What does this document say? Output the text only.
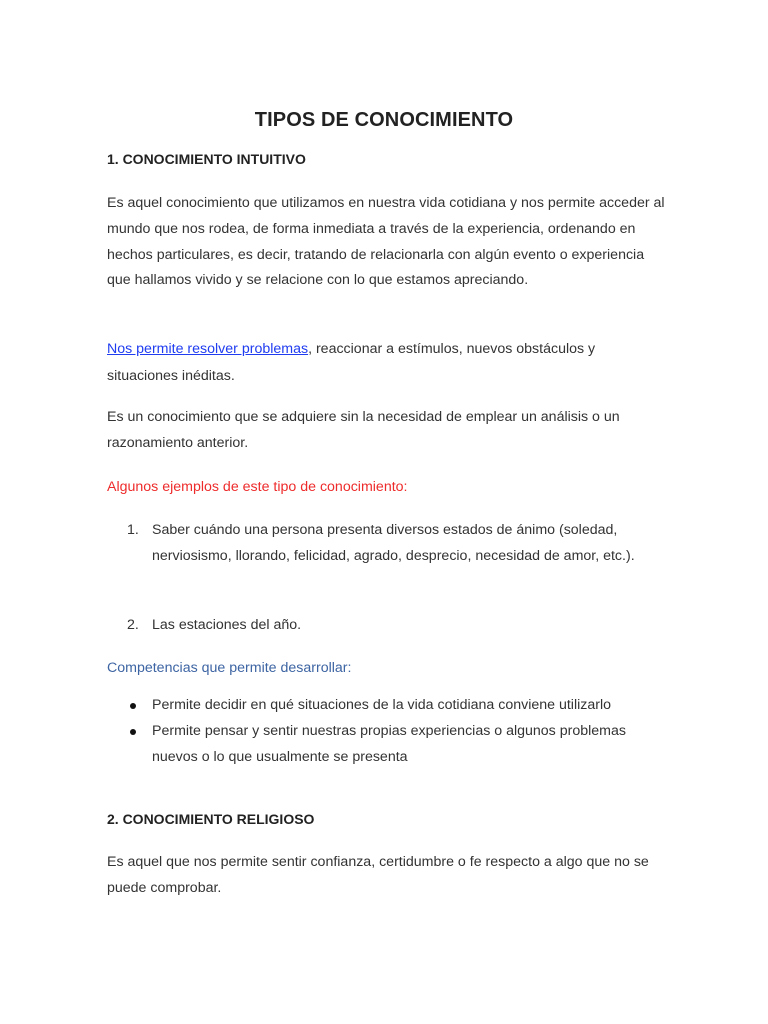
TIPOS DE CONOCIMIENTO
1. CONOCIMIENTO INTUITIVO

Es aquel conocimiento que utilizamos en nuestra vida cotidiana y nos permite acceder al mundo que nos rodea, de forma inmediata a través de la experiencia, ordenando en hechos particulares, es decir, tratando de relacionarla con algún evento o experiencia que hallamos vivido y se relacione con lo que estamos apreciando.

Nos permite resolver problemas, reaccionar a estímulos, nuevos obstáculos y situaciones inéditas.

Es un conocimiento que se adquiere sin la necesidad de emplear un análisis o un razonamiento anterior.

Algunos ejemplos de este tipo de conocimiento:

1. Saber cuándo una persona presenta diversos estados de ánimo (soledad, nerviosismo, llorando, felicidad, agrado, desprecio, necesidad de amor, etc.).
2. Las estaciones del año.

Competencias que permite desarrollar:

Permite decidir en qué situaciones de la vida cotidiana conviene utilizarlo
Permite pensar y sentir nuestras propias experiencias o algunos problemas nuevos o lo que usualmente se presenta
2. CONOCIMIENTO RELIGIOSO

Es aquel que nos permite sentir confianza, certidumbre o fe respecto a algo que no se puede comprobar.
